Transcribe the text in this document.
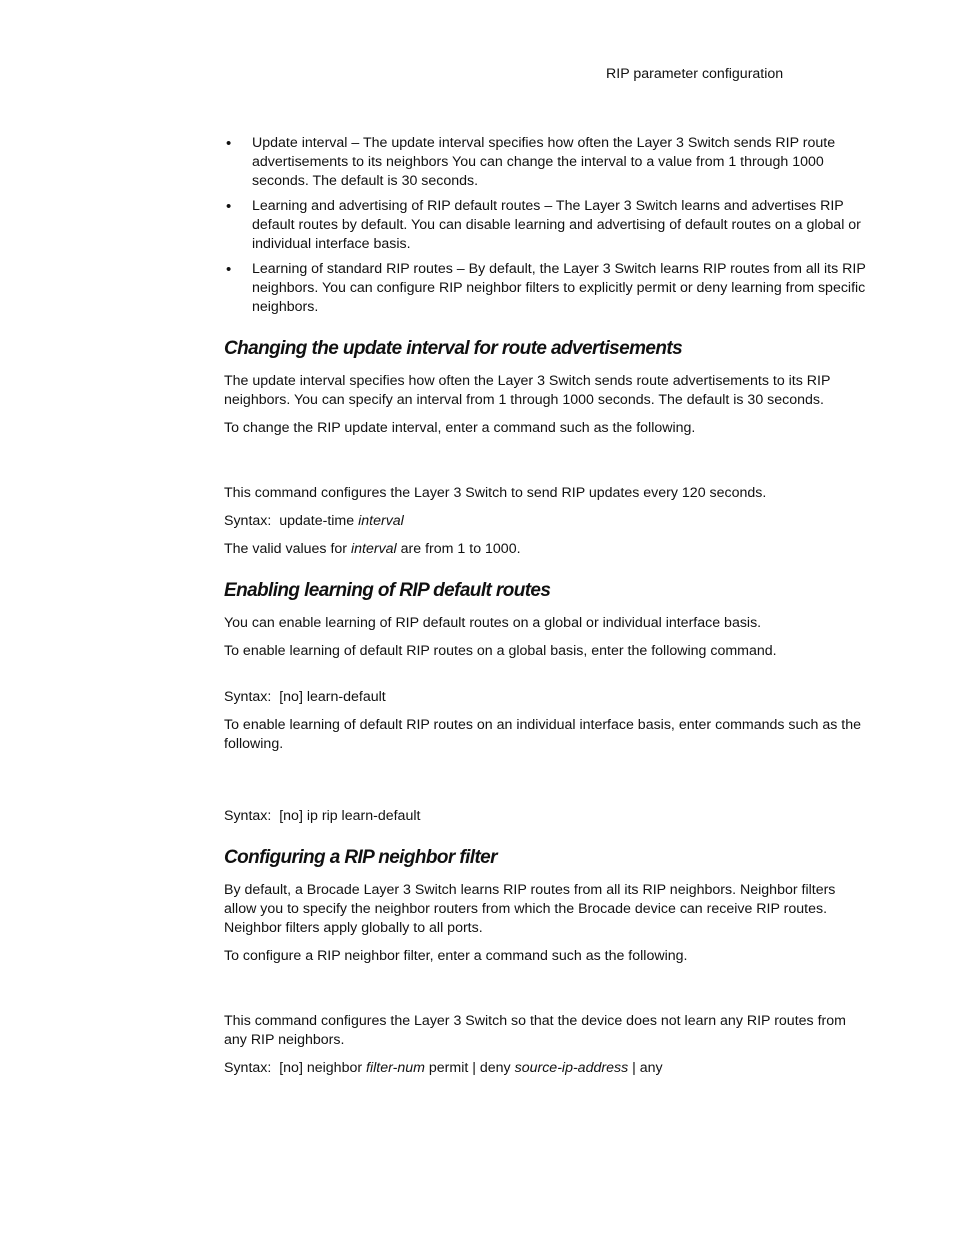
RIP parameter configuration
• Update interval – The update interval specifies how often the Layer 3 Switch sends RIP route advertisements to its neighbors You can change the interval to a value from 1 through 1000 seconds. The default is 30 seconds.
• Learning and advertising of RIP default routes – The Layer 3 Switch learns and advertises RIP default routes by default. You can disable learning and advertising of default routes on a global or individual interface basis.
• Learning of standard RIP routes – By default, the Layer 3 Switch learns RIP routes from all its RIP neighbors. You can configure RIP neighbor filters to explicitly permit or deny learning from specific neighbors.
Changing the update interval for route advertisements

The update interval specifies how often the Layer 3 Switch sends route advertisements to its RIP neighbors. You can specify an interval from 1 through 1000 seconds. The default is 30 seconds.

To change the RIP update interval, enter a command such as the following.

This command configures the Layer 3 Switch to send RIP updates every 120 seconds.

Syntax: update-time interval

The valid values for interval are from 1 to 1000.

Enabling learning of RIP default routes

You can enable learning of RIP default routes on a global or individual interface basis.

To enable learning of default RIP routes on a global basis, enter the following command.

Syntax: [no] learn-default

To enable learning of default RIP routes on an individual interface basis, enter commands such as the following.

Syntax: [no] ip rip learn-default

Configuring a RIP neighbor filter

By default, a Brocade Layer 3 Switch learns RIP routes from all its RIP neighbors. Neighbor filters allow you to specify the neighbor routers from which the Brocade device can receive RIP routes. Neighbor filters apply globally to all ports.

To configure a RIP neighbor filter, enter a command such as the following.

This command configures the Layer 3 Switch so that the device does not learn any RIP routes from any RIP neighbors.

Syntax: [no] neighbor filter-num permit | deny source-ip-address | any
